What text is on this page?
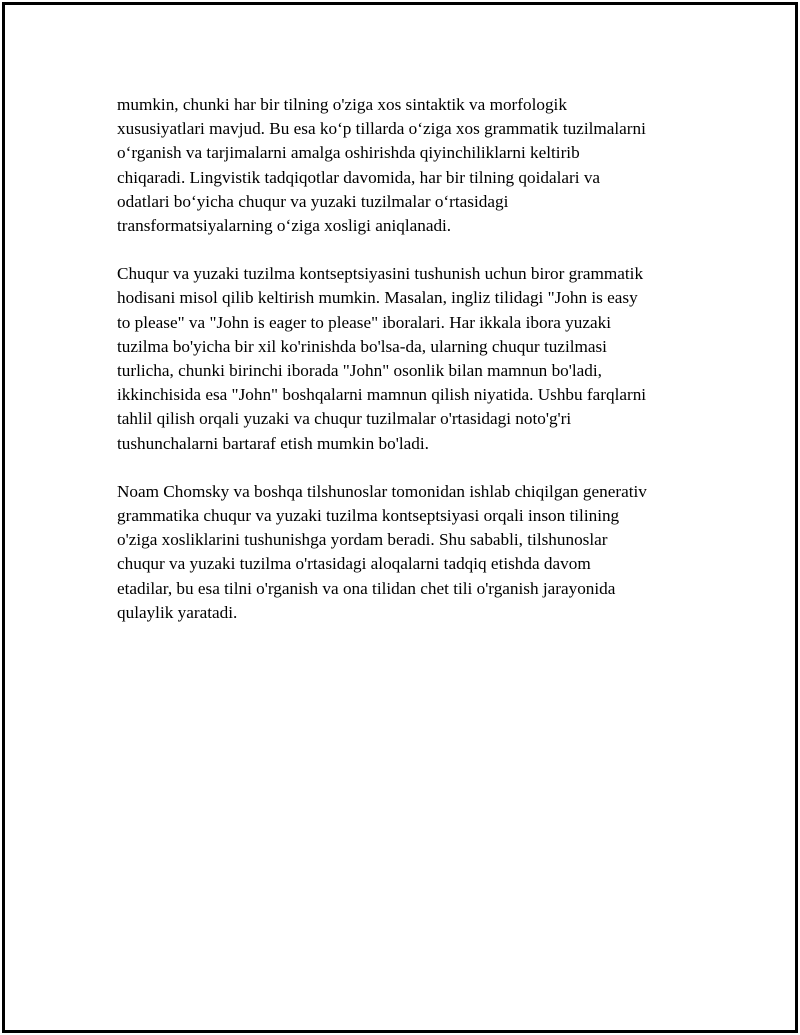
mumkin, chunki har bir tilning o'ziga xos sintaktik va morfologik
xususiyatlari mavjud. Bu esa ko‘p tillarda o‘ziga xos grammatik tuzilmalarni
o‘rganish va tarjimalarni amalga oshirishda qiyinchiliklarni keltirib
chiqaradi. Lingvistik tadqiqotlar davomida, har bir tilning qoidalari va
odatlari bo‘yicha chuqur va yuzaki tuzilmalar o‘rtasidagi
transformatsiyalarning o‘ziga xosligi aniqlanadi.

Chuqur va yuzaki tuzilma kontseptsiyasini tushunish uchun biror grammatik
hodisani misol qilib keltirish mumkin. Masalan, ingliz tilidagi "John is easy
to please" va "John is eager to please" iboralari. Har ikkala ibora yuzaki
tuzilma bo'yicha bir xil ko'rinishda bo'lsa-da, ularning chuqur tuzilmasi
turlicha, chunki birinchi iborada "John" osonlik bilan mamnun bo'ladi,
ikkinchisida esa "John" boshqalarni mamnun qilish niyatida. Ushbu farqlarni
tahlil qilish orqali yuzaki va chuqur tuzilmalar o'rtasidagi noto'g'ri
tushunchalarni bartaraf etish mumkin bo'ladi.

Noam Chomsky va boshqa tilshunoslar tomonidan ishlab chiqilgan generativ
grammatika chuqur va yuzaki tuzilma kontseptsiyasi orqali inson tilining
o'ziga xosliklarini tushunishga yordam beradi. Shu sababli, tilshunoslar
chuqur va yuzaki tuzilma o'rtasidagi aloqalarni tadqiq etishda davom
etadilar, bu esa tilni o'rganish va ona tilidan chet tili o'rganish jarayonida
qulaylik yaratadi.
